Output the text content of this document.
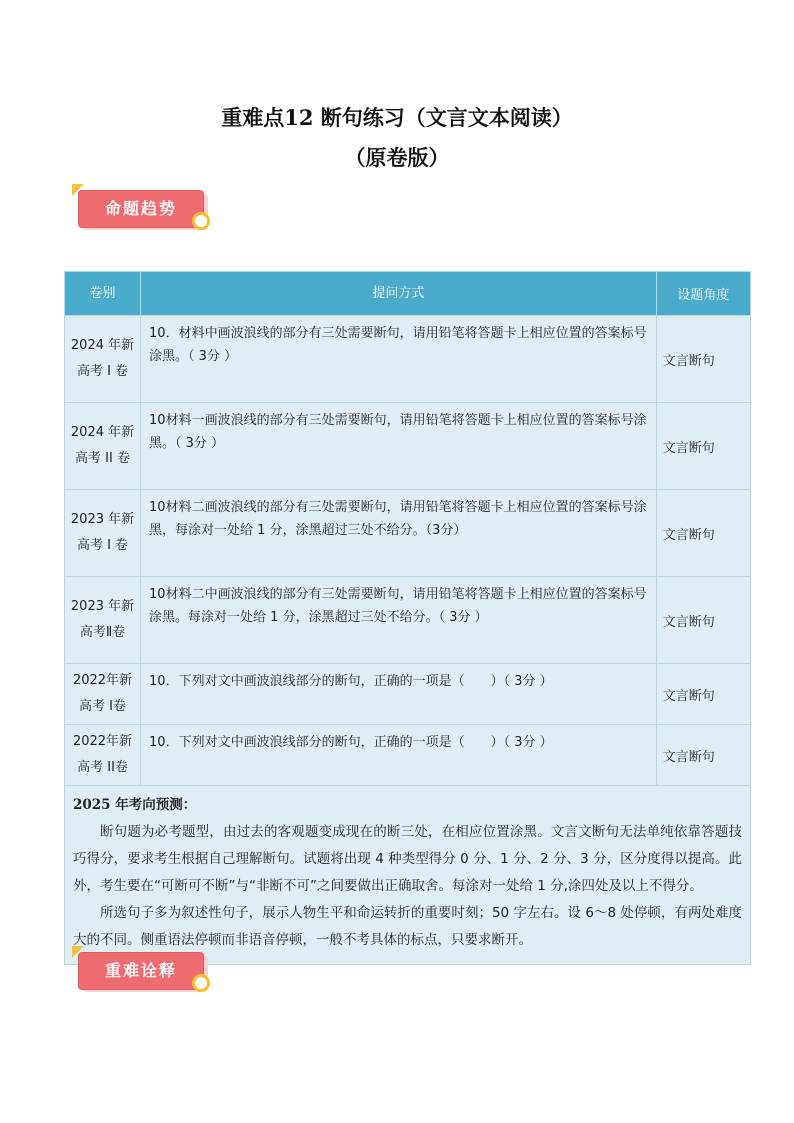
重难点12 断句练习（文言文本阅读）
（原卷版）
命题趋势
卷别	提问方式	设题角度
2024 年新高考 I 卷	10．材料中画波浪线的部分有三处需要断句，请用铅笔将答题卡上相应位置的答案标号涂黑。（ 3分 ）	文言断句
2024 年新高考 II 卷	10材料一画波浪线的部分有三处需要断句，请用铅笔将答题卡上相应位置的答案标号涂黑。（ 3分 ）	文言断句
2023 年新高考 I 卷	10材料二画波浪线的部分有三处需要断句，请用铅笔将答题卡上相应位置的答案标号涂黑，每涂对一处给 1 分，涂黑超过三处不给分。（3分）	文言断句
2023 年新高考Ⅱ卷	10材料二中画波浪线的部分有三处需要断句，请用铅笔将答题卡上相应位置的答案标号涂黑。每涂对一处给 1 分，涂黑超过三处不给分。（ 3分 ）	文言断句
2022年新高考 I卷	10．下列对文中画波浪线部分的断句，正确的一项是（　　）（ 3分 ）	文言断句
2022年新高考 II卷	10．下列对文中画波浪线部分的断句，正确的一项是（　　）（ 3分 ）	文言断句

2025 年考向预测：

断句题为必考题型，由过去的客观题变成现在的断三处，在相应位置涂黑。文言文断句无法单纯依靠答题技巧得分，要求考生根据自己理解断句。试题将出现 4 种类型得分 0 分、1 分、2 分、3 分，区分度得以提高。此外，考生要在“可断可不断”与“非断不可”之间要做出正确取舍。每涂对一处给 1 分,涂四处及以上不得分。

所选句子多为叙述性句子，展示人物生平和命运转折的重要时刻；50 字左右。设 6～8 处停顿，有两处难度大的不同。侧重语法停顿而非语音停顿，一般不考具体的标点，只要求断开。		

重难诠释
